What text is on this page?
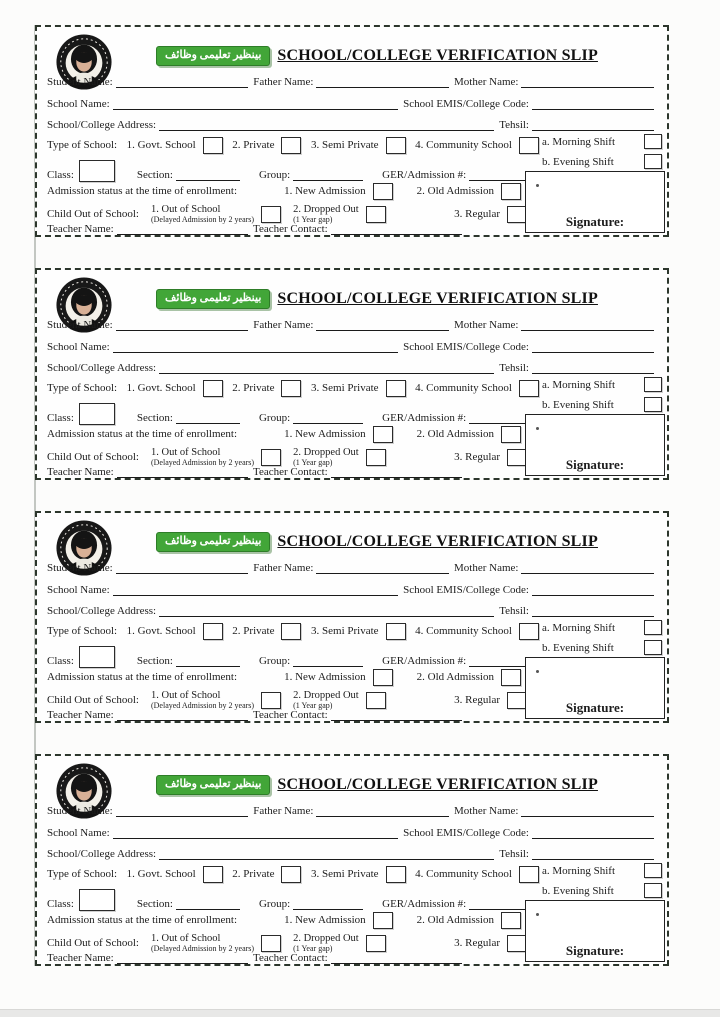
بینظیر تعلیمی وظائف	SCHOOL/COLLEGE VERIFICATION SLIP
Student Name:	Father Name:	Mother Name:
School Name:	School EMIS/College Code:
School/College Address:	Tehsil:
Type of School: 1. Govt. School	2. Private	3. Semi Private	4. Community School	a. Morning Shift
b. Evening Shift
Class:	Section:	Group:	GER/Admission #:
Admission status at the time of enrollment:	1. New Admission	2. Old Admission
Child Out of School: 1. Out of School
(Delayed Admission by 2 years)
2. Dropped Out
(1 Year gap)	3. Regular
Teacher Name:	Teacher Contact:	Signature:
بینظیر تعلیمی وظائف	SCHOOL/COLLEGE VERIFICATION SLIP
Student Name:	Father Name:	Mother Name:
School Name:	School EMIS/College Code:
School/College Address:	Tehsil:
Type of School: 1. Govt. School	2. Private	3. Semi Private	4. Community School	a. Morning Shift
b. Evening Shift
Class:	Section:	Group:	GER/Admission #:
Admission status at the time of enrollment:	1. New Admission	2. Old Admission
Child Out of School: 1. Out of School
(Delayed Admission by 2 years)
2. Dropped Out
(1 Year gap)	3. Regular
Teacher Name:	Teacher Contact:	Signature:
بینظیر تعلیمی وظائف	SCHOOL/COLLEGE VERIFICATION SLIP
Student Name:	Father Name:	Mother Name:
School Name:	School EMIS/College Code:
School/College Address:	Tehsil:
Type of School: 1. Govt. School	2. Private	3. Semi Private	4. Community School	a. Morning Shift
b. Evening Shift
Class:	Section:	Group:	GER/Admission #:
Admission status at the time of enrollment:	1. New Admission	2. Old Admission
Child Out of School: 1. Out of School
(Delayed Admission by 2 years)
2. Dropped Out
(1 Year gap)	3. Regular
Teacher Name:	Teacher Contact:	Signature:
بینظیر تعلیمی وظائف	SCHOOL/COLLEGE VERIFICATION SLIP
Student Name:	Father Name:	Mother Name:
School Name:	School EMIS/College Code:
School/College Address:	Tehsil:
Type of School: 1. Govt. School	2. Private	3. Semi Private	4. Community School	a. Morning Shift
b. Evening Shift
Class:	Section:	Group:	GER/Admission #:
Admission status at the time of enrollment:	1. New Admission	2. Old Admission
Child Out of School: 1. Out of School
(Delayed Admission by 2 years)
2. Dropped Out
(1 Year gap)	3. Regular
Teacher Name:	Teacher Contact:	Signature:
